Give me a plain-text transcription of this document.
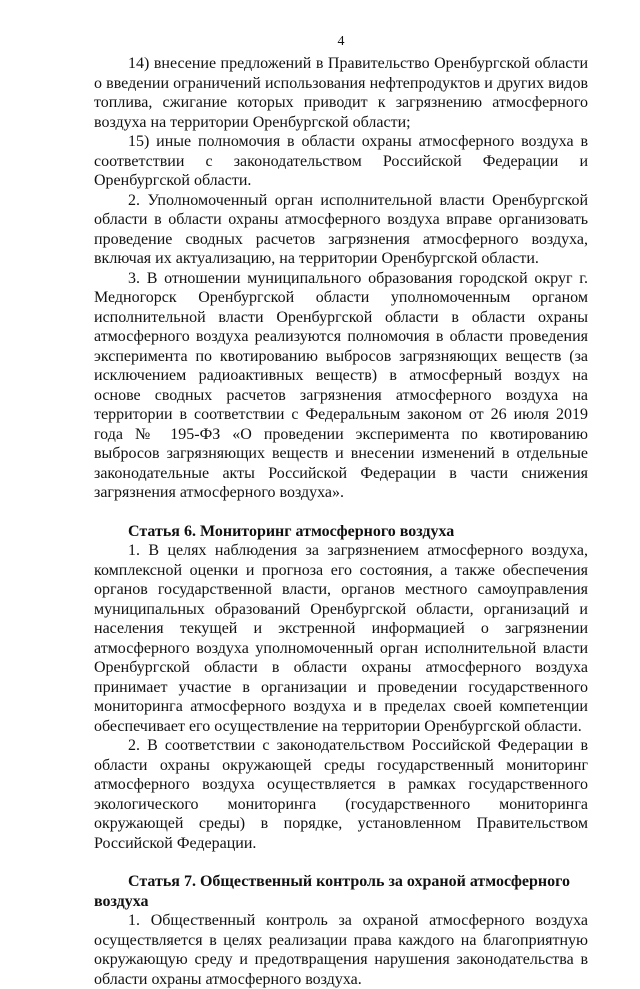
4

14) внесение предложений в Правительство Оренбургской области о введении ограничений использования нефтепродуктов и других видов топлива, сжигание которых приводит к загрязнению атмосферного воздуха на территории Оренбургской области;

15) иные полномочия в области охраны атмосферного воздуха в соответствии с законодательством Российской Федерации и Оренбургской области.

2. Уполномоченный орган исполнительной власти Оренбургской области в области охраны атмосферного воздуха вправе организовать проведение сводных расчетов загрязнения атмосферного воздуха, включая их актуализацию, на территории Оренбургской области.

3. В отношении муниципального образования городской округ г. Медногорск Оренбургской области уполномоченным органом исполнительной власти Оренбургской области в области охраны атмосферного воздуха реализуются полномочия в области проведения эксперимента по квотированию выбросов загрязняющих веществ (за исключением радиоактивных веществ) в атмосферный воздух на основе сводных расчетов загрязнения атмосферного воздуха на территории в соответствии с Федеральным законом от 26 июля 2019 года № 195-ФЗ «О проведении эксперимента по квотированию выбросов загрязняющих веществ и внесении изменений в отдельные законодательные акты Российской Федерации в части снижения загрязнения атмосферного воздуха».

Статья 6. Мониторинг атмосферного воздуха

1. В целях наблюдения за загрязнением атмосферного воздуха, комплексной оценки и прогноза его состояния, а также обеспечения органов государственной власти, органов местного самоуправления муниципальных образований Оренбургской области, организаций и населения текущей и экстренной информацией о загрязнении атмосферного воздуха уполномоченный орган исполнительной власти Оренбургской области в области охраны атмосферного воздуха принимает участие в организации и проведении государственного мониторинга атмосферного воздуха и в пределах своей компетенции обеспечивает его осуществление на территории Оренбургской области.

2. В соответствии с законодательством Российской Федерации в области охраны окружающей среды государственный мониторинг атмосферного воздуха осуществляется в рамках государственного экологического мониторинга (государственного мониторинга окружающей среды) в порядке, установленном Правительством Российской Федерации.

Статья 7. Общественный контроль за охраной атмосферного воздуха

1. Общественный контроль за охраной атмосферного воздуха осуществляется в целях реализации права каждого на благоприятную окружающую среду и предотвращения нарушения законодательства в области охраны атмосферного воздуха.
